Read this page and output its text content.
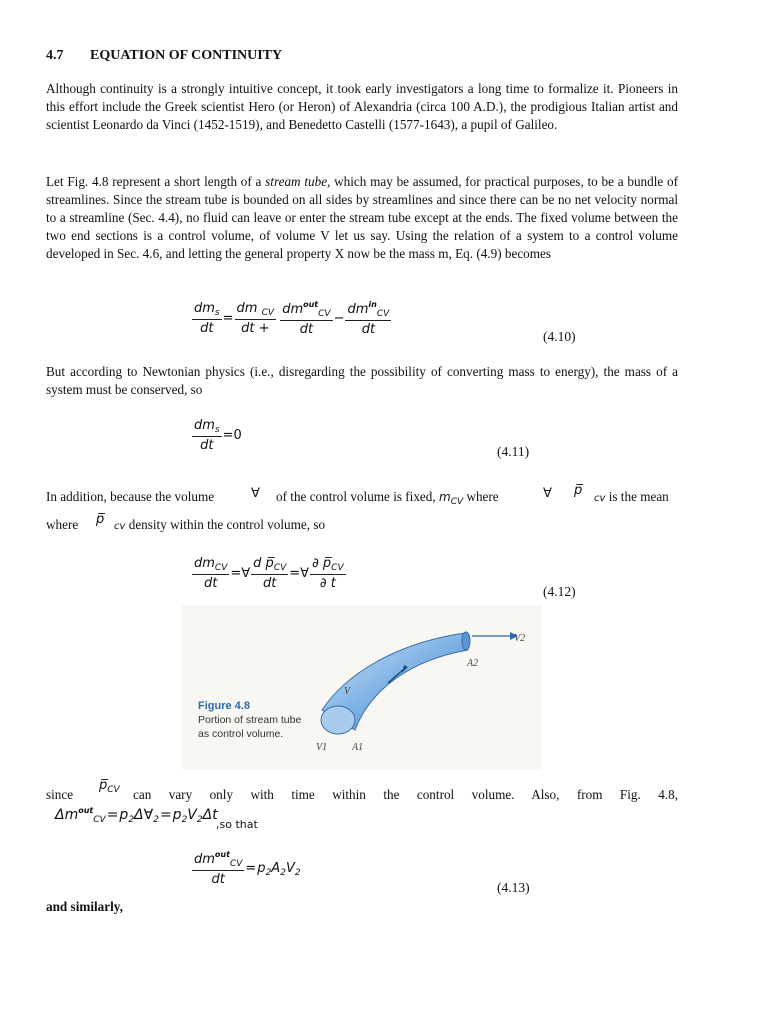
4.7 EQUATION OF CONTINUITY
Although continuity is a strongly intuitive concept, it took early investigators a long time to formalize it. Pioneers in this effort include the Greek scientist Hero (or Heron) of Alexandria (circa 100 A.D.), the prodigious Italian artist and scientist Leonardo da Vinci (1452-1519), and Benedetto Castelli (1577-1643), a pupil of Galileo.
Let Fig. 4.8 represent a short length of a stream tube, which may be assumed, for practical purposes, to be a bundle of streamlines. Since the stream tube is bounded on all sides by streamlines and since there can be no net velocity normal to a streamline (Sec. 4.4), no fluid can leave or enter the stream tube except at the ends. The fixed volume between the two end sections is a control volume, of volume V let us say. Using the relation of a system to a control volume developed in Sec. 4.6, and letting the general property X now be the mass m, Eq. (4.9) becomes
$\frac{dm_s}{dt} = \frac{dm _{CV}}{dt +}$
$\frac{dm^{out}_{CV}}{dt} - \frac{dm^{in}_{CV}}{dt}$	(4.10)
But according to Newtonian physics (i.e., disregarding the possibility of converting mass to energy), the mass of a system must be conserved, so
$\frac{dm_s}{dt} =0$
(4.11)
In addition, because the volume	∀ of the control volume is fixed, $m_{CV}$ where	∀ p̅
cv is the mean
where p̅ cv density within the control volume, so
$\frac{dm_{CV}}{dt}$ =∀ $\frac{d p̅_{CV}}{dt}$ =∀ $\frac{\partial p̅_{CV}}{\partial t}$
(4.12)
V2
A2
V
V1 A1
Figure 4.8
Portion of stream tube as control volume.
since
$p̅_{CV}$ can vary only with time within the control volume. Also, from Fig. 4.8,
$\Delta m^{out}_{CV}=p_2\Delta\forall_2=p_2V_2\Delta t$
,so that
$\frac{dm^{out}_{CV}}{dt} =p_2A_2V_2$
(4.13)
and similarly,
